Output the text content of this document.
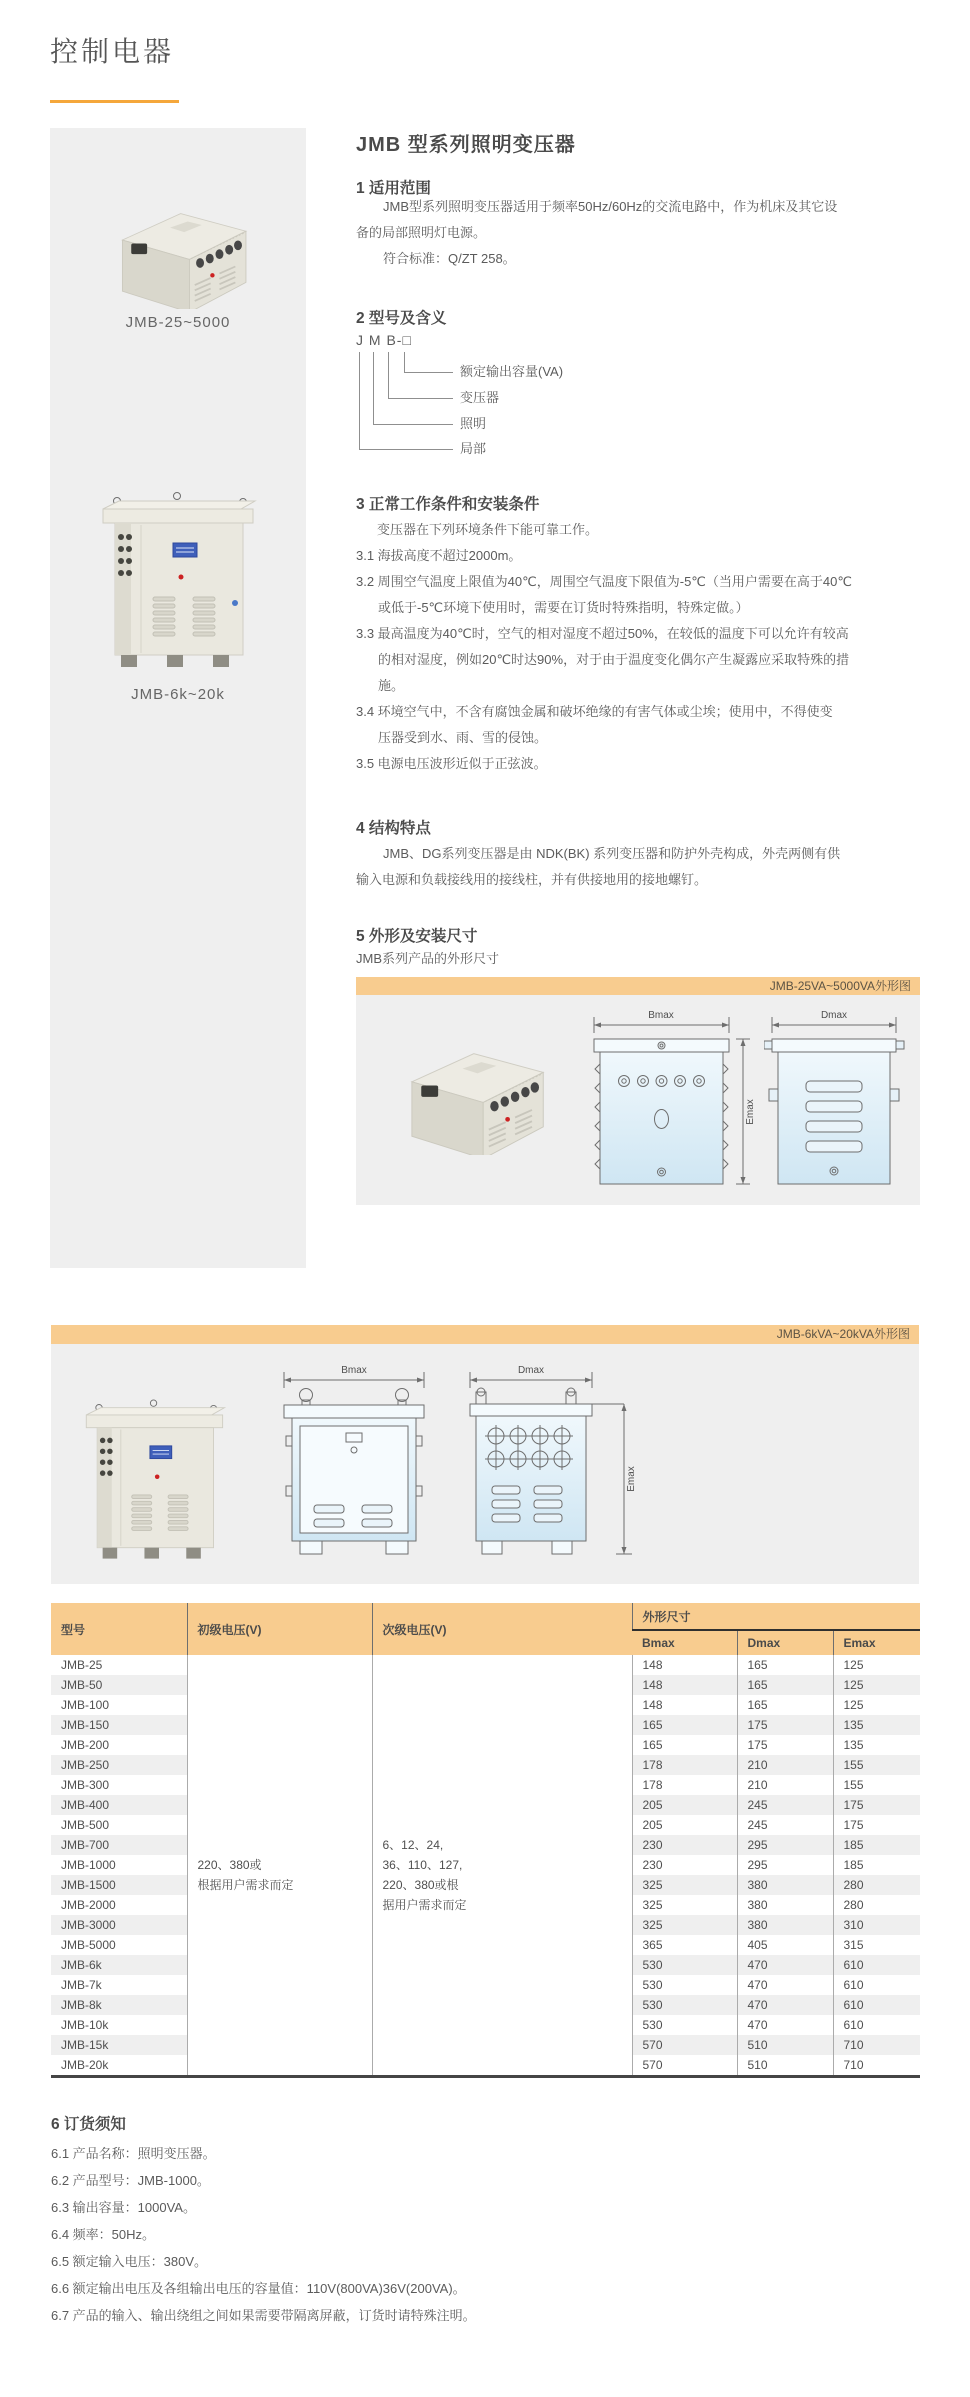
控制电器
JMB-25~5000
JMB-6k~20k
JMB 型系列照明变压器
1 适用范围
JMB型系列照明变压器适用于频率50Hz/60Hz的交流电路中，作为机床及其它设
备的局部照明灯电源。
符合标准：Q/ZT 258。
2 型号及含义
J M B-□
额定输出容量(VA)
变压器
照明
局部
3 正常工作条件和安装条件
变压器在下列环境条件下能可靠工作。
3.1 海拔高度不超过2000m。
3.2 周围空气温度上限值为40℃，周围空气温度下限值为-5℃（当用户需要在高于40℃
或低于-5℃环境下使用时，需要在订货时特殊指明，特殊定做。）
3.3 最高温度为40℃时，空气的相对湿度不超过50%，在较低的温度下可以允许有较高
的相对湿度，例如20℃时达90%，对于由于温度变化偶尔产生凝露应采取特殊的措
施。
3.4 环境空气中，不含有腐蚀金属和破坏绝缘的有害气体或尘埃；使用中，不得使变
压器受到水、雨、雪的侵蚀。
3.5 电源电压波形近似于正弦波。
4 结构特点
JMB、DG系列变压器是由 NDK(BK) 系列变压器和防护外壳构成，外壳两侧有供
输入电源和负载接线用的接线柱，并有供接地用的接地螺钉。
5 外形及安装尺寸
JMB系列产品的外形尺寸
JMB-25VA~5000VA外形图
Bmax
Emax
Dmax
JMB-6kVA~20kVA外形图
Bmax	Dmax
Emax
型号	初级电压(V)	次级电压(V)	外形尺寸		
			Bmax	Dmax	Emax
JMB-25			148	165	125
JMB-50			148	165	125
JMB-100			148	165	125
JMB-150			165	175	135
JMB-200			165	175	135
JMB-250			178	210	155
JMB-300			178	210	155
JMB-400			205	245	175
JMB-500			205	245	175
JMB-700		6、12、24,	230	295	185
JMB-1000	220、380或	36、110、127,	230	295	185
JMB-1500	根据用户需求而定	220、380或根	325	380	280
JMB-2000		据用户需求而定	325	380	280
JMB-3000			325	380	310
JMB-5000			365	405	315
JMB-6k			530	470	610
JMB-7k			530	470	610
JMB-8k			530	470	610
JMB-10k			530	470	610
JMB-15k			570	510	710
JMB-20k			570	510	710
6 订货须知
6.1 产品名称：照明变压器。
6.2 产品型号：JMB-1000。
6.3 输出容量：1000VA。
6.4 频率：50Hz。
6.5 额定输入电压：380V。
6.6 额定输出电压及各组输出电压的容量值：110V(800VA)36V(200VA)。
6.7 产品的输入、输出绕组之间如果需要带隔离屏蔽，订货时请特殊注明。
